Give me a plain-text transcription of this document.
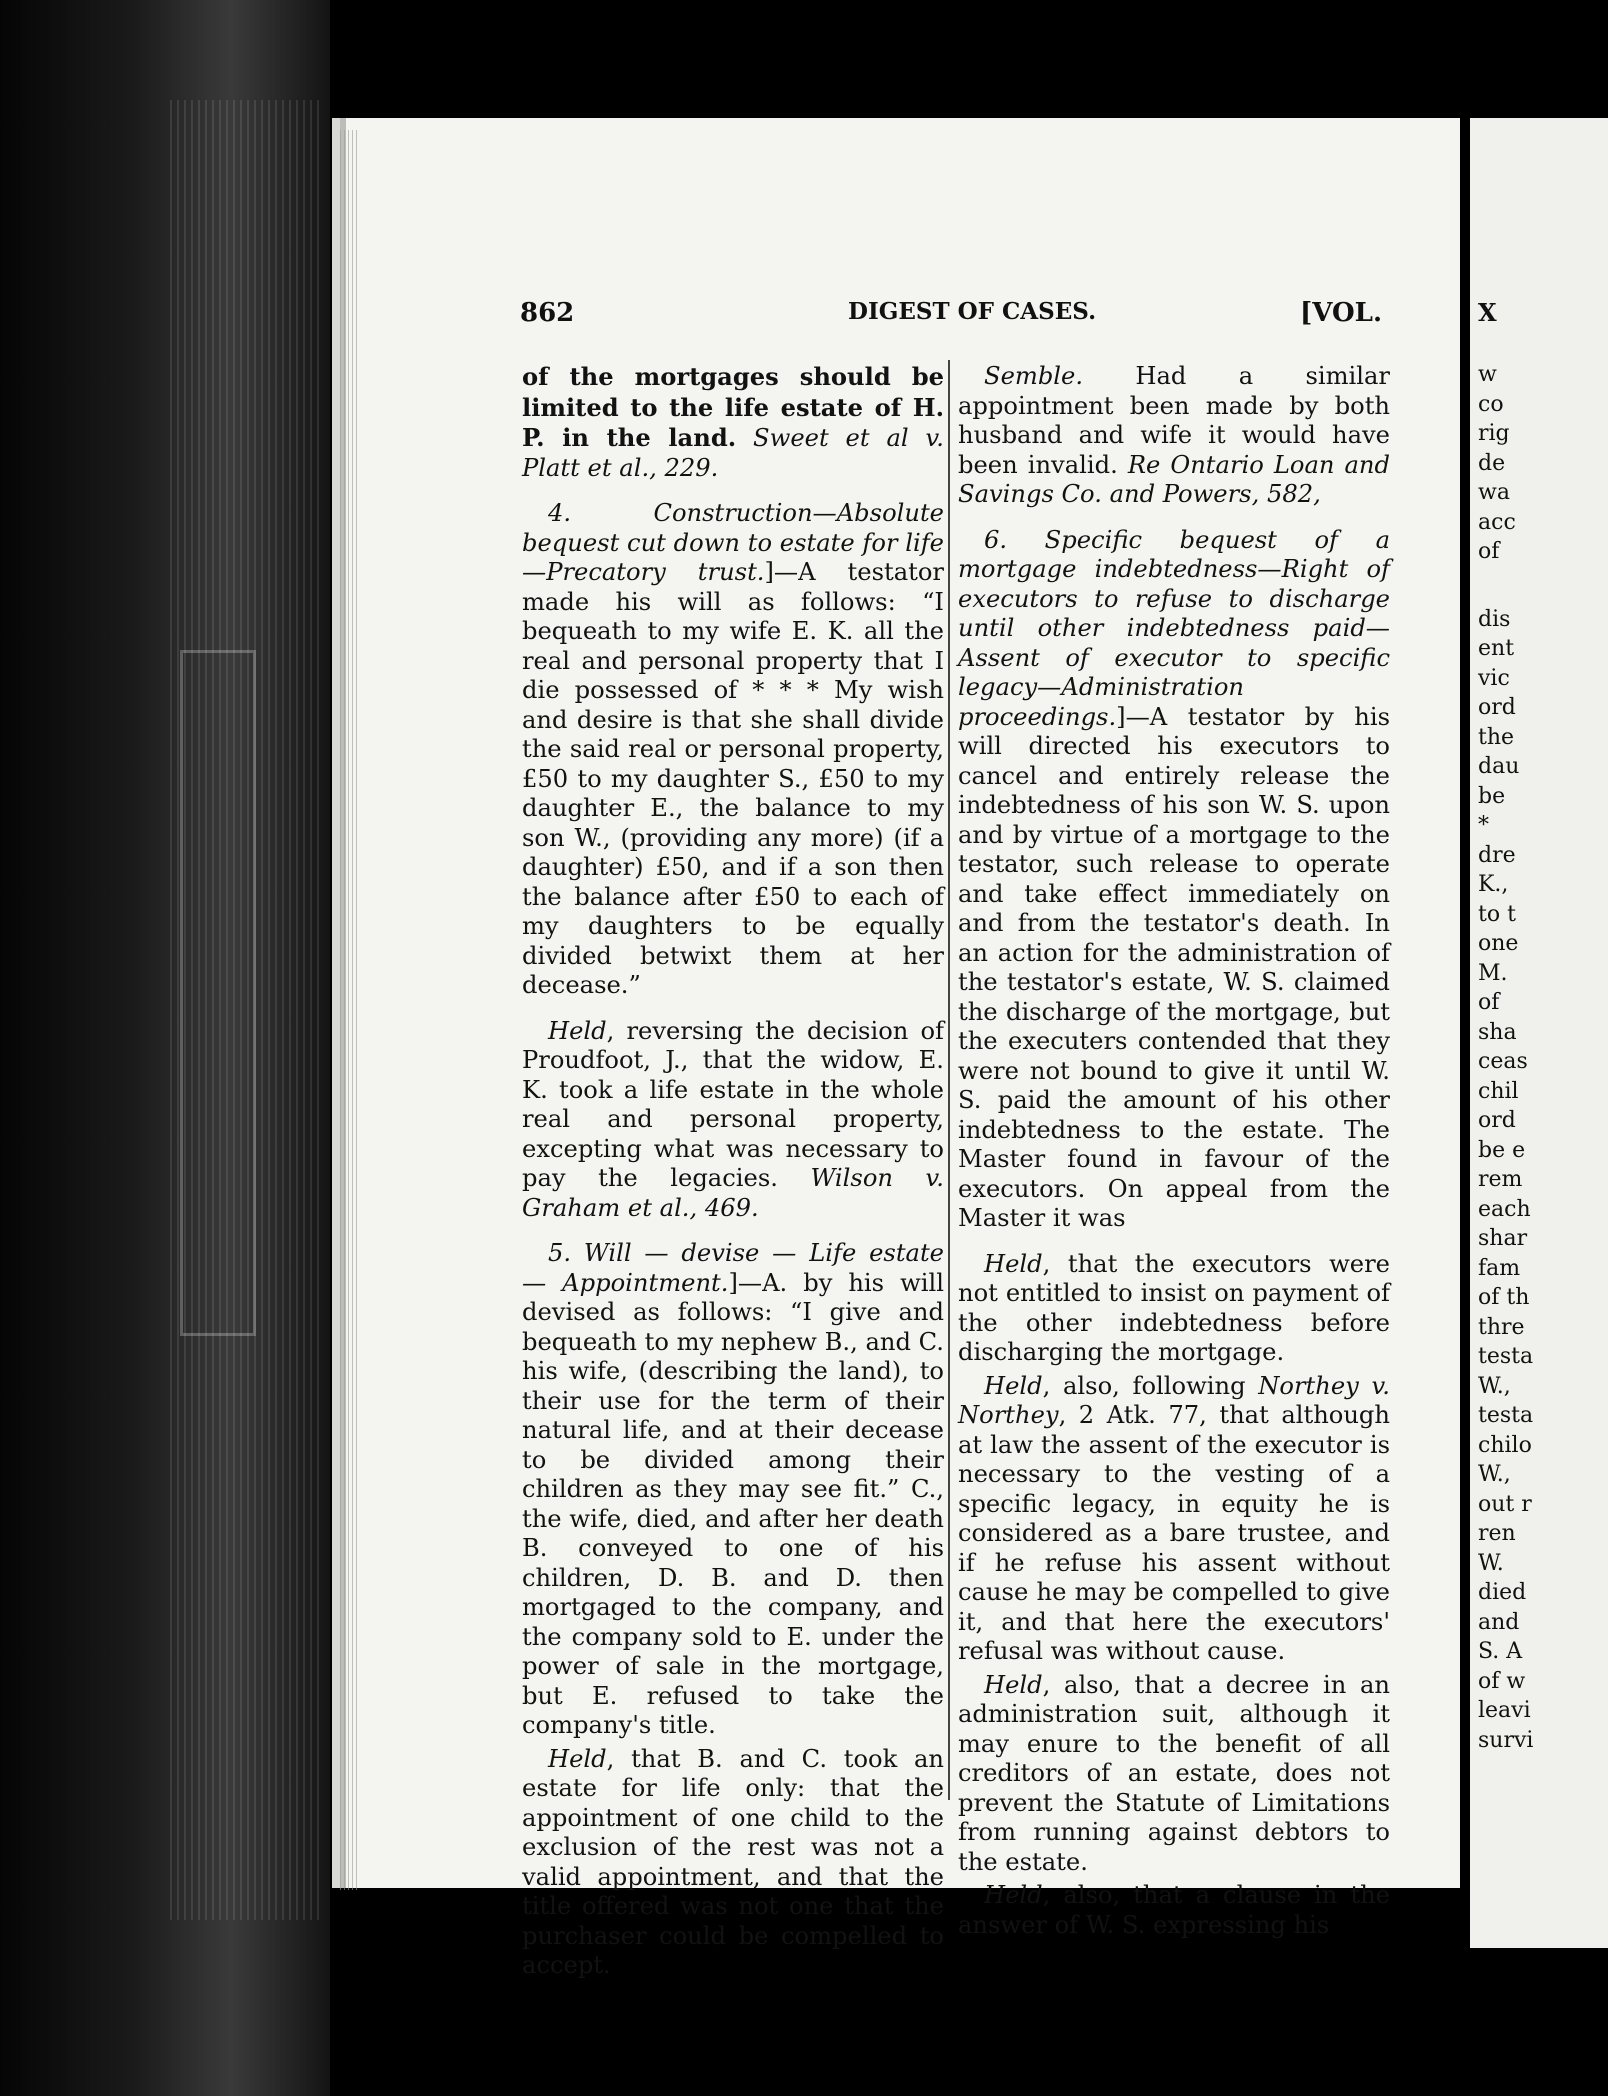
862	DIGEST OF CASES.	[VOL.

of the mortgages should be limited to the life estate of H. P. in the land. Sweet et al v. Platt et al., 229.

4. Construction—Absolute bequest cut down to estate for life—Precatory trust.]—A testator made his will as follows: “I bequeath to my wife E. K. all the real and personal property that I die possessed of * * * My wish and desire is that she shall divide the said real or personal property, £50 to my daughter S., £50 to my daughter E., the balance to my son W., (providing any more) (if a daughter) £50, and if a son then the balance after £50 to each of my daughters to be equally divided betwixt them at her decease.”

Held, reversing the decision of Proudfoot, J., that the widow, E. K. took a life estate in the whole real and personal property, excepting what was necessary to pay the legacies. Wilson v. Graham et al., 469.

5. Will — devise — Life estate — Appointment.]—A. by his will devised as follows: “I give and bequeath to my nephew B., and C. his wife, (describing the land), to their use for the term of their natural life, and at their decease to be divided among their children as they may see fit.” C., the wife, died, and after her death B. conveyed to one of his children, D. B. and D. then mortgaged to the company, and the company sold to E. under the power of sale in the mortgage, but E. refused to take the company's title.

Held, that B. and C. took an estate for life only: that the appointment of one child to the exclusion of the rest was not a valid appointment, and that the title offered was not one that the purchaser could be compelled to accept.

Semble. Had a similar appointment been made by both husband and wife it would have been invalid. Re Ontario Loan and Savings Co. and Powers, 582,

6. Specific bequest of a mortgage indebtedness—Right of executors to refuse to discharge until other indebtedness paid—Assent of executor to specific legacy—Administration proceedings.]—A testator by his will directed his executors to cancel and entirely release the indebtedness of his son W. S. upon and by virtue of a mortgage to the testator, such release to operate and take effect immediately on and from the testator's death. In an action for the administration of the testator's estate, W. S. claimed the discharge of the mortgage, but the executers contended that they were not bound to give it until W. S. paid the amount of his other indebtedness to the estate. The Master found in favour of the executors. On appeal from the Master it was

Held, that the executors were not entitled to insist on payment of the other indebtedness before discharging the mortgage.

Held, also, following Northey v. Northey, 2 Atk. 77, that although at law the assent of the executor is necessary to the vesting of a specific legacy, in equity he is considered as a bare trustee, and if he refuse his assent without cause he may be compelled to give it, and that here the executors' refusal was without cause.

Held, also, that a decree in an administration suit, although it may enure to the benefit of all creditors of an estate, does not prevent the Statute of Limitations from running against debtors to the estate.

Held, also, that a clause in the answer of W. S. expressing his

X
w
co
rig
de
wa
acc
of
dis
ent
vic
ord
the
dau
be
*
dre
K.,
to t
one
M.
of
sha
ceas
chil
ord
be e
rem
each
shar
fam
of th
thre
testa
W.,
testa
chilo
W.,
out r
ren
W.
died
and
S. A
of w
leavi
survi
